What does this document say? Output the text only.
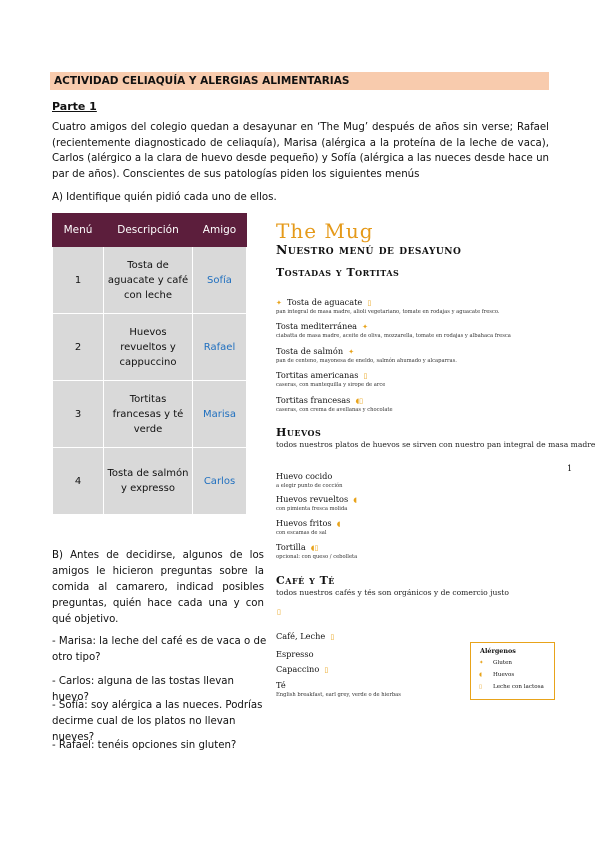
ACTIVIDAD CELIAQUÍA Y ALERGIAS ALIMENTARIAS
Parte 1
Cuatro amigos del colegio quedan a desayunar en ‘The Mug’ después de años sin verse; Rafael (recientemente diagnosticado de celiaquía), Marisa (alérgica a la proteína de la leche de vaca), Carlos (alérgico a la clara de huevo desde pequeño) y Sofía (alérgica a las nueces desde hace un par de años). Conscientes de sus patologías piden los siguientes menús
A) Identifique quién pidió cada uno de ellos.
Menú	Descripción	Amigo
1	Tosta de aguacate y café con leche	Sofía
2	Huevos revueltos y cappuccino	Rafael
3	Tortitas francesas y té verde	Marisa
4	Tosta de salmón y expresso	Carlos
B) Antes de decidirse, algunos de los amigos le hicieron preguntas sobre la comida al camarero, indicad posibles preguntas, quién hace cada una y con qué objetivo.
- Marisa: la leche del café es de vaca o de otro tipo?
- Carlos: alguna de las tostas llevan huevo?
- Sofía: soy alérgica a las nueces. Podrías decirme cual de los platos no llevan nueves?
- Rafael: tenéis opciones sin gluten?
The Mug
Nuestro menú de desayuno
Tostadas y Tortitas
✦ Tosta de aguacate ▯
pan integral de masa madre, alioli vegetariano, tomate en rodajas y aguacate fresco.
Tosta mediterránea ✦
ciabatta de masa madre, aceite de oliva, mozzarella, tomate en rodajas y albahaca fresca
Tosta de salmón ✦
pan de centeno, mayonesa de eneldo, salmón ahumado y alcaparras.
Tortitas americanas ▯
caseras, con mantequilla y sirope de arce
Tortitas francesas ◖▯
caseras, con crema de avellanas y chocolate
Huevos
todos nuestros platos de huevos se sirven con nuestro pan integral de masa madre
1
Huevo cocido
a elegir punto de cocción
Huevos revueltos ◖
con pimienta fresca molida
Huevos fritos ◖
con escamas de sal
Tortilla ◖▯
opcional: con queso / cebolleta
Café y Té
todos nuestros cafés y tés son orgánicos y de comercio justo
▯
Café, Leche ▯
Espresso
Capaccino ▯
Té
English breakfast, earl grey, verde o de hierbas
Alérgenos
✦ Gluten
◖ Huevos
▯ Leche con lactosa
